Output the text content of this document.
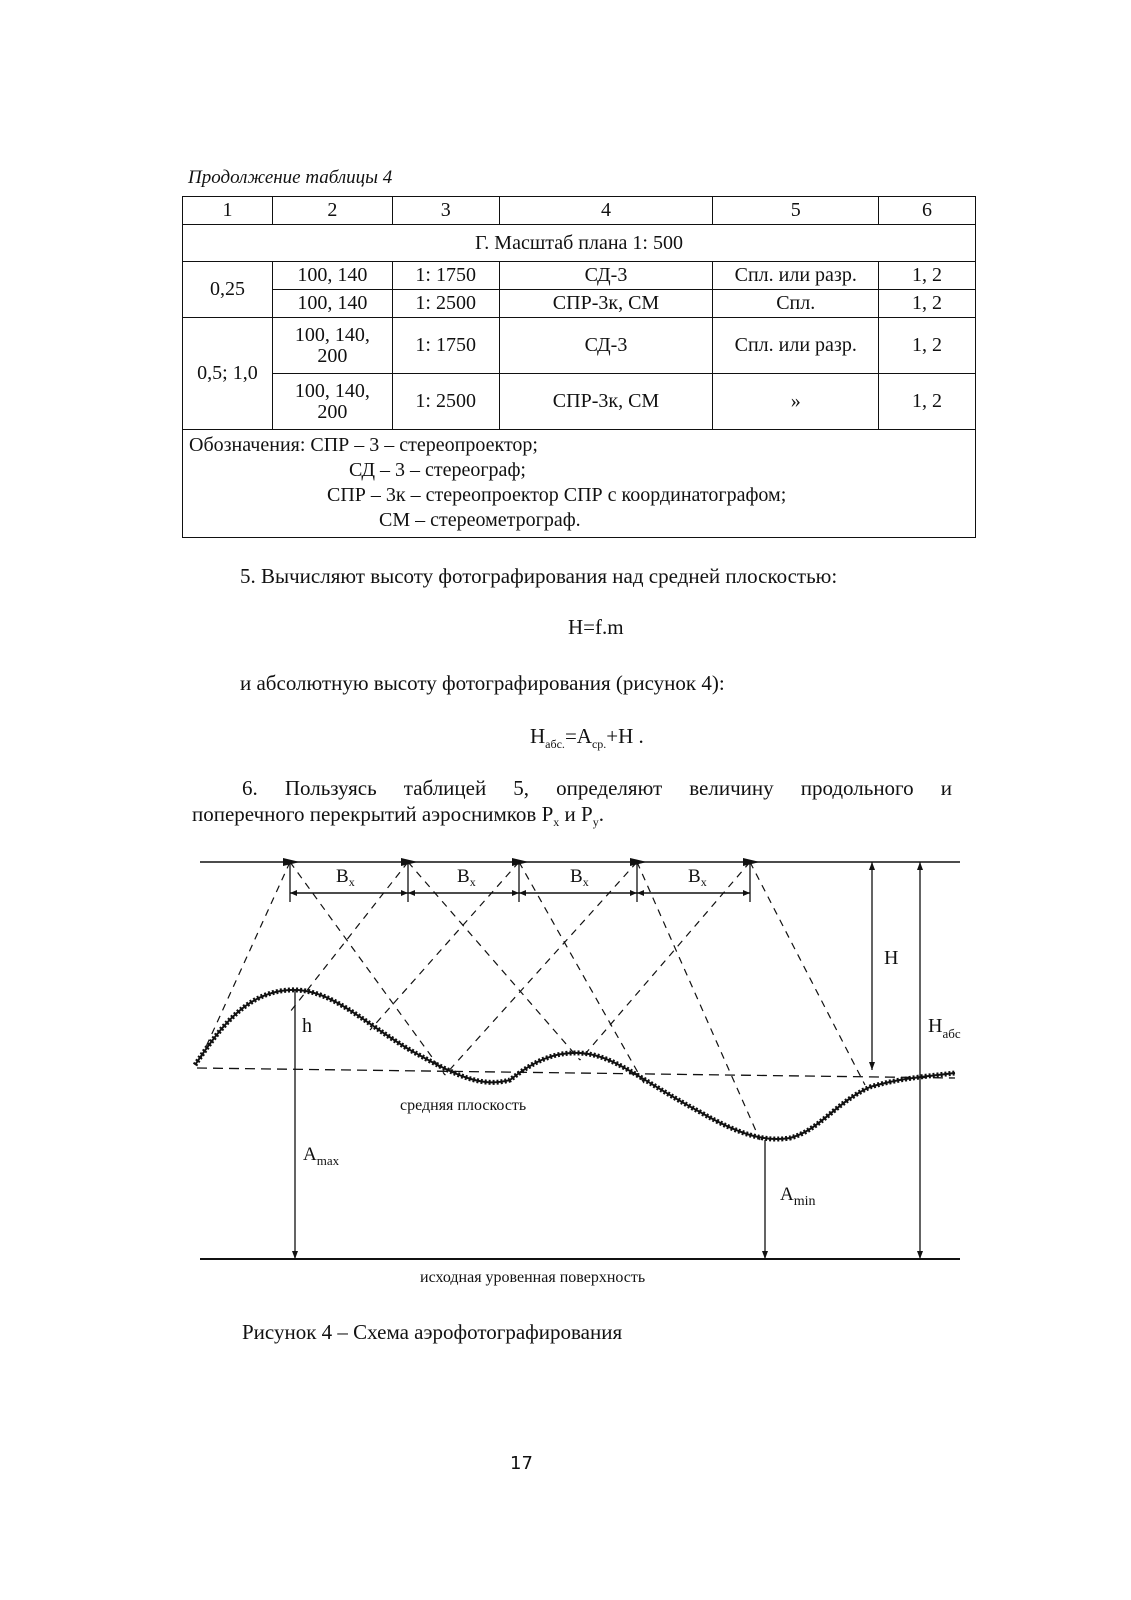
Продолжение таблицы 4
1	2	3	4	5	6
Г. Масштаб плана 1: 500					
0,25	100, 140	1: 1750	СД-3	Спл. или разр.	1, 2
	100, 140	1: 2500	СПР-3к, СМ	Спл.	1, 2
0,5; 1,0	100, 140, 200	1: 1750	СД-3	Спл. или разр.	1, 2
	100, 140, 200	1: 2500	СПР-3к, СМ	»	1, 2

Обозначения: СПР – 3 – стереопроектор;
СД – 3 – стереограф;
СПР – 3к – стереопроектор СПР с координатографом;
СМ – стереометрограф.					
5. Вычисляют высоту фотографирования над средней плоскостью:
H=f.m
и абсолютную высоту фотографирования (рисунок 4):
$H_{абс.}=A_{ср.}+H$ .
6. Пользуясь таблицей 5, определяют величину продольного и
поперечного перекрытий аэроснимков $P_x$ и $P_y$.
$B_x$	$B_x$	$B_x$	$B_x$
H
$H_{абс}$
h
$A_{max}$
$A_{min}$
средняя плоскость
исходная уровенная поверхность
Рисунок 4 – Схема аэрофотографирования
17
